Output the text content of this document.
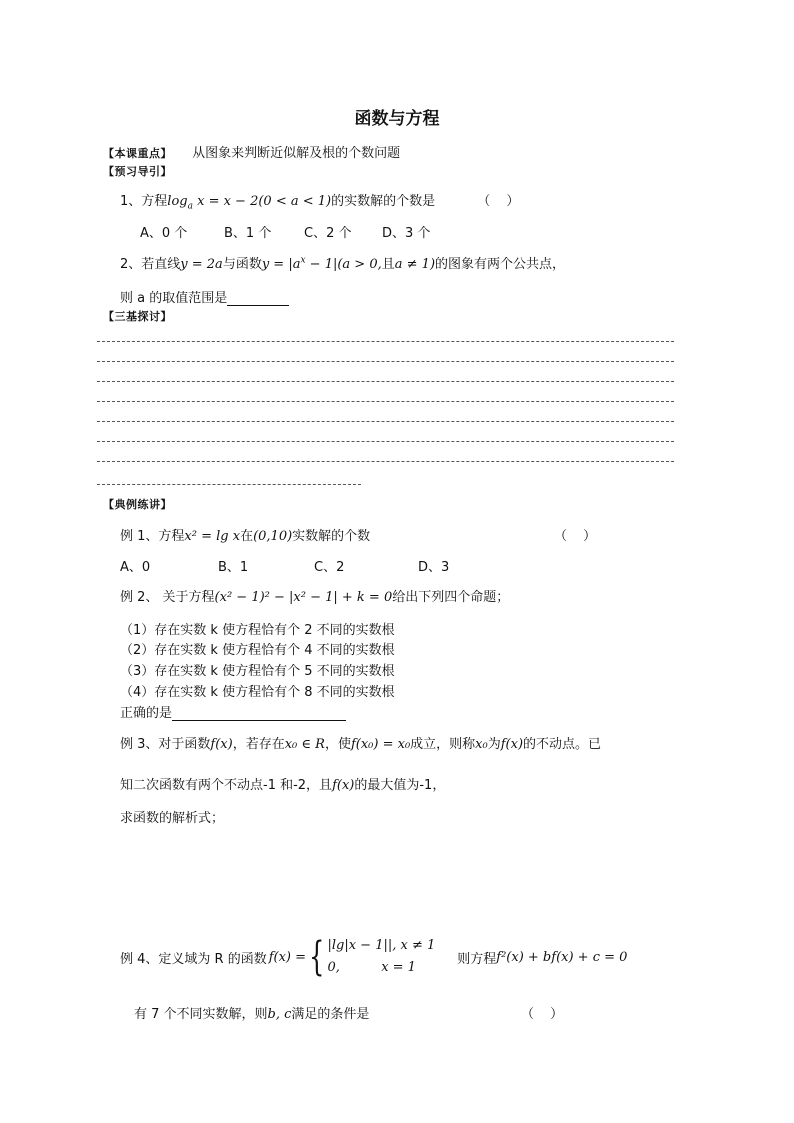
函数与方程
【本课重点】 从图象来判断近似解及根的个数问题
【预习导引】
1、方程$\log_a x = x - 2(0 < a < 1)$的实数解的个数是	（ ）
A、0 个	B、1 个	C、2 个 D、3 个
2、若直线y = 2a与函数$y = |a^x - 1|(a > 0$,且a ≠ 1)的图象有两个公共点，
则 a 的取值范围是
【三基探讨】
【典例练讲】
例 1、方程x² = lg x在(0,10)实数解的个数	（ ）
A、0	B、1	C、2	D、3
例 2、 关于方程(x² − 1)² − |x² − 1| + k = 0给出下列四个命题；
（1）存在实数 k 使方程恰有个 2 不同的实数根
（2）存在实数 k 使方程恰有个 4 不同的实数根
（3）存在实数 k 使方程恰有个 5 不同的实数根
（4）存在实数 k 使方程恰有个 8 不同的实数根
正确的是
例 3、对于函数f(x)，若存在x₀ ∈ R，使f(x₀) = x₀成立，则称x₀为f(x)的不动点。已
知二次函数有两个不动点-1 和-2，且f(x)的最大值为-1，
求函数的解析式；
例 4、定义域为 R 的函数 f(x) = { |lg|x − 1||, x ≠ 1
0,          x = 1
则方程 f²(x) + bf(x) + c = 0
有 7 个不同实数解，则b, c满足的条件是	（ ）
